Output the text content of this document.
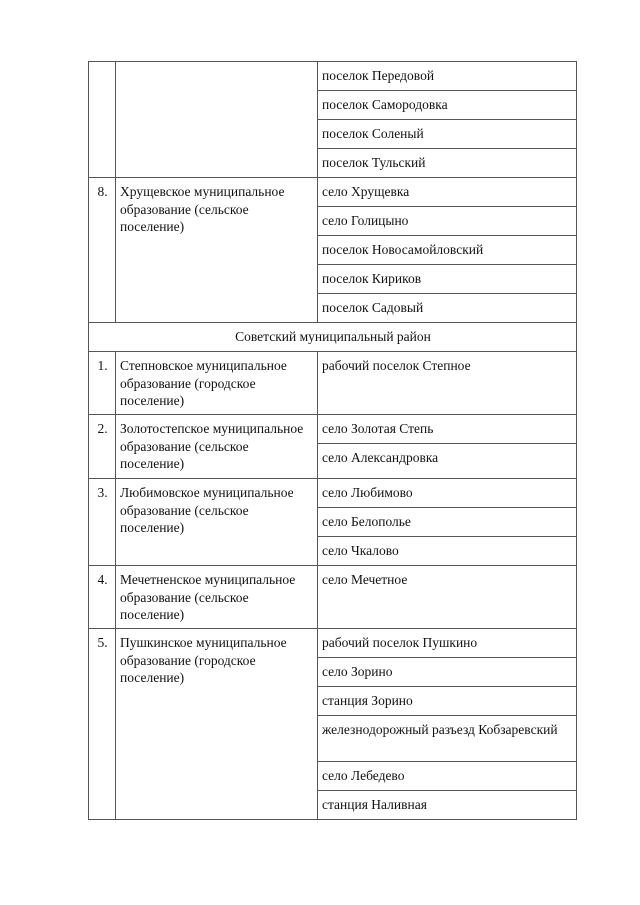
		поселок Передовой
		поселок Самородовка
		поселок Соленый
		поселок Тульский
8.	Хрущевское муниципальное образование (сельское поселение)	село Хрущевка
		село Голицыно
		поселок Новосамойловский
		поселок Кириков
		поселок Садовый
Советский муниципальный район		
1.	Степновское муниципальное образование (городское поселение)	рабочий поселок Степное
2.	Золотостепское муниципальное образование (сельское поселение)	село Золотая Степь
		село Александровка
3.	Любимовское муниципальное образование (сельское поселение)	село Любимово
		село Белополье
		село Чкалово
4.	Мечетненское муниципальное образование (сельское поселение)	село Мечетное
5.	Пушкинское муниципальное образование (городское поселение)	рабочий поселок Пушкино
		село Зорино
		станция Зорино
		железнодорожный разъезд Кобзаревский
		село Лебедево
		станция Наливная
